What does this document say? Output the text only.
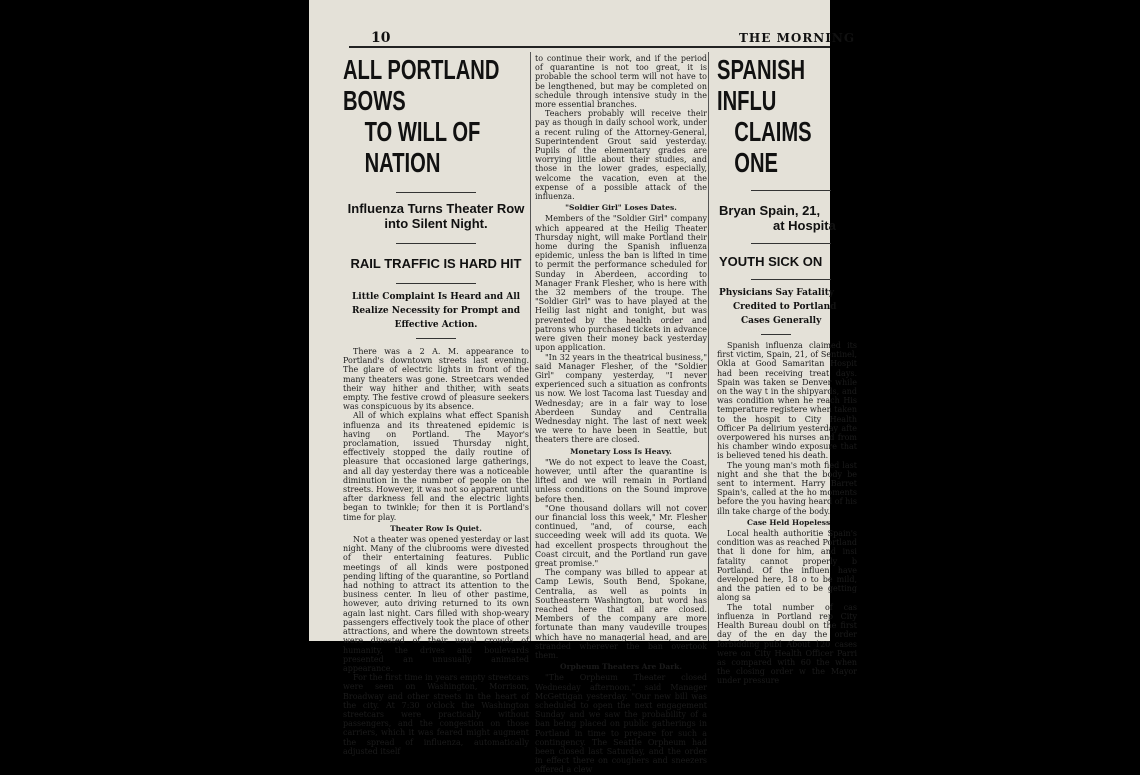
10	THE MORNING
ALL PORTLAND BOWS
TO WILL OF NATION

Influenza Turns Theater Row

into Silent Night.

RAIL TRAFFIC IS HARD HIT

Little Complaint Is Heard and All Realize Necessity for Prompt and Effective Action.

There was a 2 A. M. appearance to Portland's downtown streets last evening. The glare of electric lights in front of the many theaters was gone. Streetcars wended their way hither and thither, with seats empty. The festive crowd of pleasure seekers was conspicuous by its absence.

All of which explains what effect Spanish influenza and its threatened epidemic is having on Portland. The Mayor's proclamation, issued Thursday night, effectively stopped the daily routine of pleasure that occasioned large gatherings, and all day yesterday there was a noticeable diminution in the number of people on the streets. However, it was not so apparent until after darkness fell and the electric lights began to twinkle; for then it is Portland's time for play.

Theater Row Is Quiet.

Not a theater was opened yesterday or last night. Many of the clubrooms were divested of their entertaining features. Public meetings of all kinds were postponed pending lifting of the quarantine, so Portland had nothing to attract its attention to the business center. In lieu of other pastime, however, auto driving returned to its own again last night. Cars filled with shop-weary passengers effectively took the place of other attractions, and where the downtown streets were divested of their usual crowds of humanity, the drives and boulevards presented an unusually animated appearance.

For the first time in years empty streetcars were seen on Washington, Morrison, Broadway and other streets in the heart of the city. At 7:30 o'clock the Washington streetcars were practically without passengers, and the congestion on those carriers, which it was feared might augment the spread of influenza, automatically adjusted itself

to continue their work, and if the period of quarantine is not too great, it is probable the school term will not have to be lengthened, but may be completed on schedule through intensive study in the more essential branches.

Teachers probably will receive their pay as though in daily school work, under a recent ruling of the Attorney-General, Superintendent Grout said yesterday. Pupils of the elementary grades are worrying little about their studies, and those in the lower grades, especially, welcome the vacation, even at the expense of a possible attack of the influenza.

"Soldier Girl" Loses Dates.

Members of the "Soldier Girl" company which appeared at the Heilig Theater Thursday night, will make Portland their home during the Spanish influenza epidemic, unless the ban is lifted in time to permit the performance scheduled for Sunday in Aberdeen, according to Manager Frank Flesher, who is here with the 32 members of the troupe. The "Soldier Girl" was to have played at the Heilig last night and tonight, but was prevented by the health order and patrons who purchased tickets in advance were given their money back yesterday upon application.

"In 32 years in the theatrical business," said Manager Flesher, of the "Soldier Girl" company yesterday, "I never experienced such a situation as confronts us now. We lost Tacoma last Tuesday and Wednesday; are in a fair way to lose Aberdeen Sunday and Centralia Wednesday night. The last of next week we were to have been in Seattle, but theaters there are closed.

Monetary Loss Is Heavy.

"We do not expect to leave the Coast, however, until after the quarantine is lifted and we will remain in Portland unless conditions on the Sound improve before then.

"One thousand dollars will not cover our financial loss this week," Mr. Flesher continued, "and, of course, each succeeding week will add its quota. We had excellent prospects throughout the Coast circuit, and the Portland run gave great promise."

The company was billed to appear at Camp Lewis, South Bend, Spokane, Centralia, as well as points in Southeastern Washington, but word has reached here that all are closed. Members of the company are more fortunate than many vaudeville troupes which have no managerial head, and are stranded wherever the ban overtook them.

Orpheum Theaters Are Dark.

"The Orpheum Theater closed Wednesday afternoon," said Manager McGettigan yesterday. "Our new bill was scheduled to open the next engagement Sunday and we saw the probability of a ban being placed on public gatherings in Portland in time to prepare for such a contingency. The Seattle Orpheum had been closed last Saturday, and the order in effect there on coughers and sneezers offered a clew

SPANISH INFLU
CLAIMS ONE

Bryan Spain, 21,

at Hospita

YOUTH SICK ON

Physicians Say Fatality

Credited to Portland

Cases Generally

Spanish influenza claimed its first victim, Spain, 21, of Sentinel, Okla at Good Samaritan Hospit had been receiving treat days. Spain was taken se Denver while on the way t in the shipyards, and was condition when he reach His temperature registere when taken to the hospit to City Health Officer Pa delirium yesterday afte overpowered his nurses and from his chamber windo exposure that is believed tened his death.

The young man's moth fied last night and she that the body be sent to interment. Harry Barret Spain's, called at the ho moments before the you having heard of his illn take charge of the body.

Case Held Hopeless

Local health authoritie Spain's condition was as reached Portland that li done for him, and insi fatality cannot properly b Portland. Of the influen have developed here, 18 o to be mild, and the patien ed to be getting along sa

The total number of cas influenza in Portland rep City Health Bureau doubl on the first day of the en day the order forbidding publ About 120 cases were on City Health Officer Parri as compared with 60 the when the closing order w the Mayor under pressure
